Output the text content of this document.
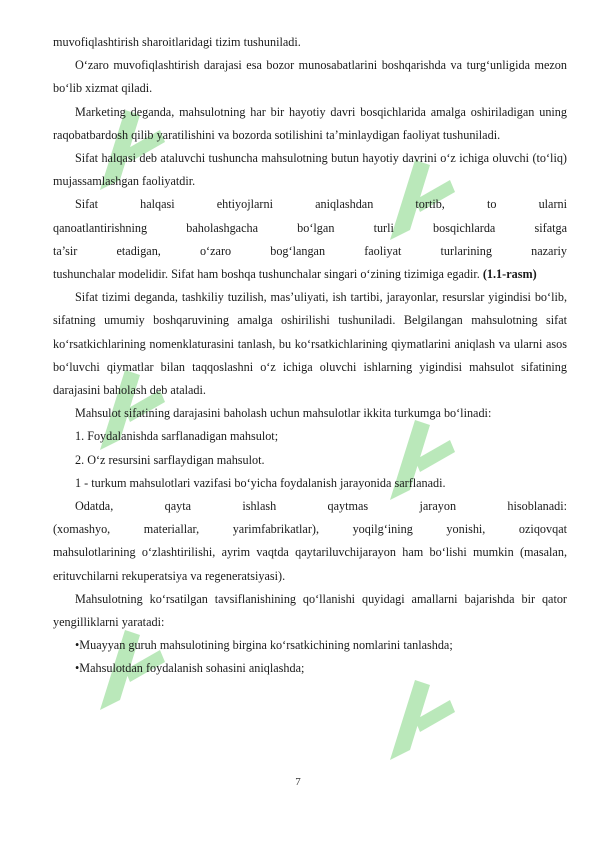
muvofiqlashtirish sharoitlaridagi tizim tushuniladi.

O‘zaro muvofiqlashtirish darajasi esa bozor munosabatlarini boshqarishda va turg‘unligida mezon bo‘lib xizmat qiladi.

Marketing deganda, mahsulotning har bir hayotiy davri bosqichlarida amalga oshiriladigan uning raqobatbardosh qilib yaratilishini va bozorda sotilishini ta’minlaydigan faoliyat tushuniladi.

Sifat halqasi deb ataluvchi tushuncha mahsulotning butun hayotiy davrini o‘z ichiga oluvchi (to‘liq) mujassamlashgan faoliyatdir.

Sifat halqasi ehtiyojlarni aniqlashdan tortib, to ularni

qanoatlantirishning baholashgacha bo‘lgan turli bosqichlarda sifatga

ta’sir etadigan, o‘zaro bog‘langan faoliyat turlarining nazariy

tushunchalar modelidir. Sifat ham boshqa tushunchalar singari o‘zining tizimiga egadir. (1.1-rasm)

Sifat tizimi deganda, tashkiliy tuzilish, mas’uliyati, ish tartibi, jarayonlar, resurslar yigindisi bo‘lib, sifatning umumiy boshqaruvining amalga oshirilishi tushuniladi. Belgilangan mahsulotning sifat ko‘rsatkichlarining nomenklaturasini tanlash, bu ko‘rsatkichlarining qiymatlarini aniqlash va ularni asos bo‘luvchi qiymatlar bilan taqqoslashni o‘z ichiga oluvchi ishlarning yigindisi mahsulot sifatining darajasini baholash deb ataladi.

Mahsulot sifatining darajasini baholash uchun mahsulotlar ikkita turkumga bo‘linadi:

1. Foydalanishda sarflanadigan mahsulot;

2. O‘z resursini sarflaydigan mahsulot.

1 - turkum mahsulotlari vazifasi bo‘yicha foydalanish jarayonida sarflanadi.

Odatda, qayta ishlash qaytmas jarayon hisoblanadi:

(xomashyo, materiallar, yarimfabrikatlar), yoqilg‘ining yonishi, oziqovqat

mahsulotlarining o‘zlashtirilishi, ayrim vaqtda qaytariluvchijarayon ham bo‘lishi mumkin (masalan, erituvchilarni rekuperatsiya va regeneratsiyasi).

Mahsulotning ko‘rsatilgan tavsiflanishining qo‘llanishi quyidagi amallarni bajarishda bir qator yengilliklarni yaratadi:

•Muayyan guruh mahsulotining birgina ko‘rsatkichining nomlarini tanlashda;

•Mahsulotdan foydalanish sohasini aniqlashda;

7
